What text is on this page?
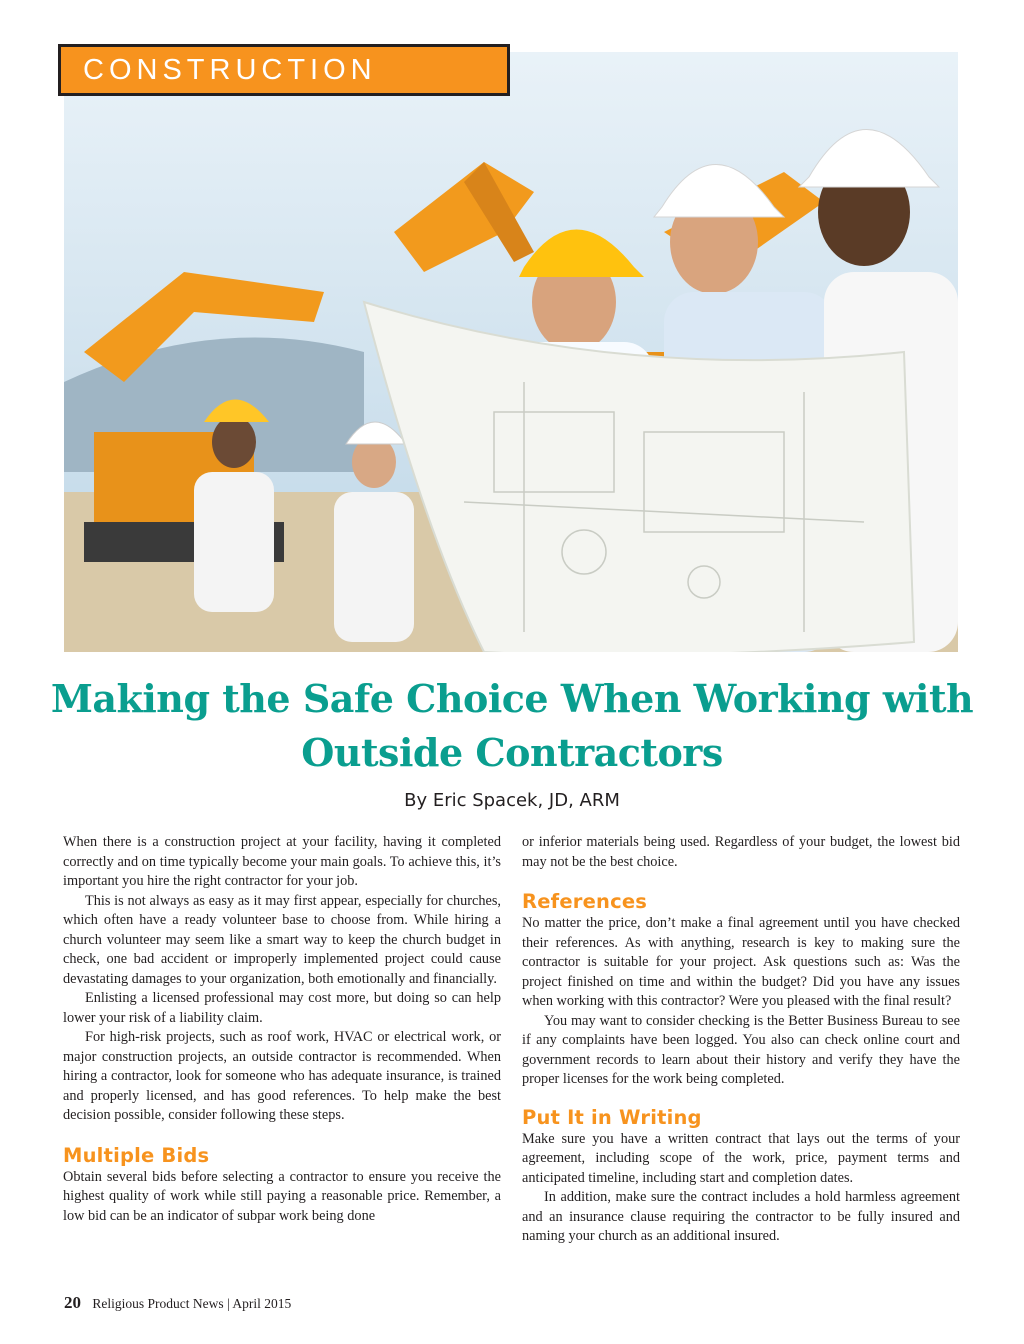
CONSTRUCTION
Making the Safe Choice When Working with Outside Contractors
By Eric Spacek, JD, ARM

When there is a construction project at your facility, having it completed correctly and on time typically become your main goals. To achieve this, it’s important you hire the right contractor for your job.

This is not always as easy as it may first appear, especially for churches, which often have a ready volunteer base to choose from. While hiring a church volunteer may seem like a smart way to keep the church budget in check, one bad accident or improperly implemented project could cause devastating damages to your organization, both emotionally and financially.

Enlisting a licensed professional may cost more, but doing so can help lower your risk of a liability claim.

For high-risk projects, such as roof work, HVAC or electrical work, or major construction projects, an outside contractor is recommended. When hiring a contractor, look for someone who has adequate insurance, is trained and properly licensed, and has good references. To help make the best decision possible, consider following these steps.

Multiple Bids

Obtain several bids before selecting a contractor to ensure you receive the highest quality of work while still paying a reasonable price. Remember, a low bid can be an indicator of subpar work being done

or inferior materials being used. Regardless of your budget, the lowest bid may not be the best choice.

References

No matter the price, don’t make a final agreement until you have checked their references. As with anything, research is key to making sure the contractor is suitable for your project. Ask questions such as: Was the project finished on time and within the budget? Did you have any issues when working with this contractor? Were you pleased with the final result?

You may want to consider checking is the Better Business Bureau to see if any complaints have been logged. You also can check online court and government records to learn about their history and verify they have the proper licenses for the work being completed.

Put It in Writing

Make sure you have a written contract that lays out the terms of your agreement, including scope of the work, price, payment terms and anticipated timeline, including start and completion dates.

In addition, make sure the contract includes a hold harmless agreement and an insurance clause requiring the contractor to be fully insured and naming your church as an additional insured.

20 Religious Product News | April 2015
